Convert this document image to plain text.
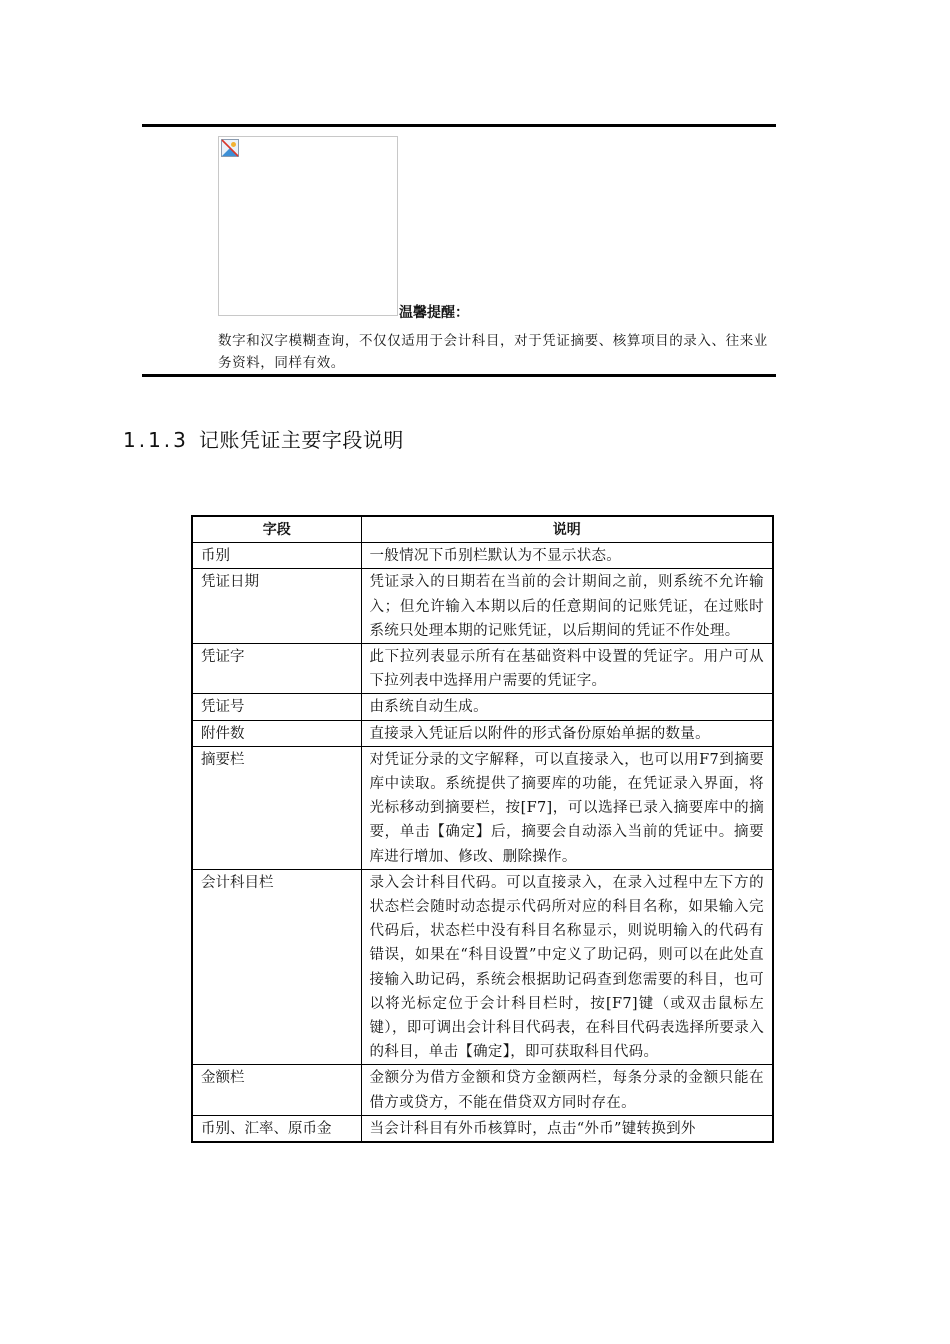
温馨提醒：
数字和汉字模糊查询，不仅仅适用于会计科目，对于凭证摘要、核算项目的录入、往来业务资料，同样有效。
1.1.3 记账凭证主要字段说明
字段	说明
币别	一般情况下币别栏默认为不显示状态。
凭证日期	凭证录入的日期若在当前的会计期间之前，则系统不允许输入；但允许输入本期以后的任意期间的记账凭证，在过账时系统只处理本期的记账凭证，以后期间的凭证不作处理。
凭证字	此下拉列表显示所有在基础资料中设置的凭证字。用户可从下拉列表中选择用户需要的凭证字。
凭证号	由系统自动生成。
附件数	直接录入凭证后以附件的形式备份原始单据的数量。
摘要栏	对凭证分录的文字解释，可以直接录入，也可以用F7到摘要库中读取。系统提供了摘要库的功能，在凭证录入界面，将光标移动到摘要栏，按[F7]，可以选择已录入摘要库中的摘要，单击【确定】后，摘要会自动添入当前的凭证中。摘要库进行增加、修改、删除操作。
会计科目栏	录入会计科目代码。可以直接录入，在录入过程中左下方的状态栏会随时动态提示代码所对应的科目名称，如果输入完代码后，状态栏中没有科目名称显示，则说明输入的代码有错误，如果在“科目设置”中定义了助记码，则可以在此处直接输入助记码，系统会根据助记码查到您需要的科目，也可以将光标定位于会计科目栏时，按[F7]键（或双击鼠标左键），即可调出会计科目代码表，在科目代码表选择所要录入的科目，单击【确定】，即可获取科目代码。
金额栏	金额分为借方金额和贷方金额两栏，每条分录的金额只能在借方或贷方，不能在借贷双方同时存在。
币别、汇率、原币金	当会计科目有外币核算时，点击“外币”键转换到外
